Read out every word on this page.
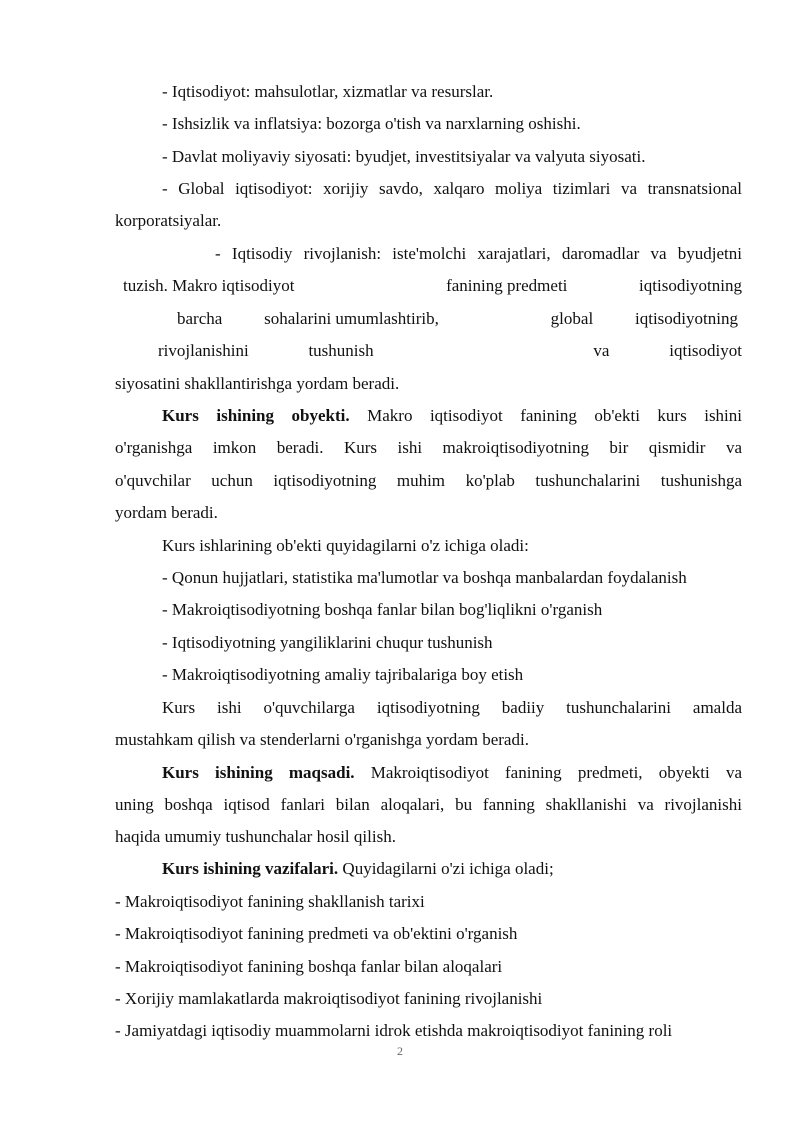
- Iqtisodiyot: mahsulotlar, xizmatlar va resurslar.
- Ishsizlik va inflatsiya: bozorga o'tish va narxlarning oshishi.
- Davlat moliyaviy siyosati: byudjet, investitsiyalar va valyuta siyosati.
- Global iqtisodiyot: xorijiy savdo, xalqaro moliya tizimlari va transnatsional
korporatsiyalar.
- Iqtisodiy rivojlanish: iste'molchi xarajatlari, daromadlar va byudjetni
tuzish. Makro iqtisodiyot	fanining predmeti	iqtisodiyotning
barcha sohalarini umumlashtirib,	global iqtisodiyotning
rivojlanishini	tushunish	va	iqtisodiyot
siyosatini shakllantirishga yordam beradi.
Kurs ishining obyekti. Makro iqtisodiyot fanining ob'ekti kurs ishini
o'rganishga imkon beradi. Kurs ishi makroiqtisodiyotning bir qismidir va
o'quvchilar uchun iqtisodiyotning muhim ko'plab tushunchalarini tushunishga
yordam beradi.
Kurs ishlarining ob'ekti quyidagilarni o'z ichiga oladi:
- Qonun hujjatlari, statistika ma'lumotlar va boshqa manbalardan foydalanish
- Makroiqtisodiyotning boshqa fanlar bilan bog'liqlikni o'rganish
- Iqtisodiyotning yangiliklarini chuqur tushunish
- Makroiqtisodiyotning amaliy tajribalariga boy etish
Kurs ishi o'quvchilarga iqtisodiyotning badiiy tushunchalarini amalda
mustahkam qilish va stenderlarni o'rganishga yordam beradi.
Kurs ishining maqsadi. Makroiqtisodiyot fanining predmeti, obyekti va
uning boshqa iqtisod fanlari bilan aloqalari, bu fanning shakllanishi va rivojlanishi
haqida umumiy tushunchalar hosil qilish.
Kurs ishining vazifalari. Quyidagilarni o'zi ichiga oladi;
- Makroiqtisodiyot fanining shakllanish tarixi
- Makroiqtisodiyot fanining predmeti va ob'ektini o'rganish
- Makroiqtisodiyot fanining boshqa fanlar bilan aloqalari
- Xorijiy mamlakatlarda makroiqtisodiyot fanining rivojlanishi
- Jamiyatdagi iqtisodiy muammolarni idrok etishda makroiqtisodiyot fanining roli
2
